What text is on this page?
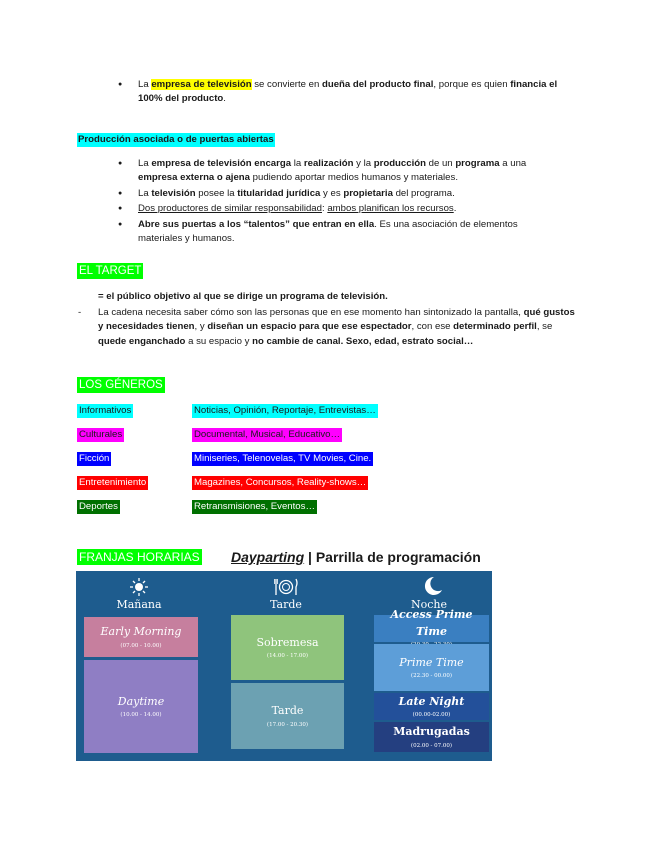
● La empresa de televisión se convierte en dueña del producto final, porque es quien financia el 100% del producto.
Producción asociada o de puertas abiertas
● La empresa de televisión encarga la realización y la producción de un programa a una empresa externa o ajena pudiendo aportar medios humanos y materiales.
● La televisión posee la titularidad jurídica y es propietaria del programa.
● Dos productores de similar responsabilidad: ambos planifican los recursos.
● Abre sus puertas a los “talentos” que entran en ella. Es una asociación de elementos materiales y humanos.
EL TARGET
= el público objetivo al que se dirige un programa de televisión.
- La cadena necesita saber cómo son las personas que en ese momento han sintonizado la pantalla, qué gustos y necesidades tienen, y diseñan un espacio para que ese espectador, con ese determinado perfil, se quede enganchado a su espacio y no cambie de canal. Sexo, edad, estrato social…
LOS GÉNEROS
Informativos	Noticias, Opinión, Reportaje, Entrevistas…
Culturales	Documental, Musical, Educativo…
Ficción	Miniseries, Telenovelas, TV Movies, Cine.
Entretenimiento	Magazines, Concursos, Reality-shows…
Deportes	Retransmisiones, Eventos…
FRANJAS HORARIAS Dayparting | Parrilla de programación
Mañana	Tarde	Noche
Early Morning
(07.00 - 10.00)
Daytime
(10.00 - 14.00)
Sobremesa
(14.00 - 17.00)
Tarde
(17.00 - 20.30)
Access Prime Time
Prime Time
(22.30 - 00.00)
Late Night
(00.00-02.00)
Madrugadas
(02.00 - 07.00)
